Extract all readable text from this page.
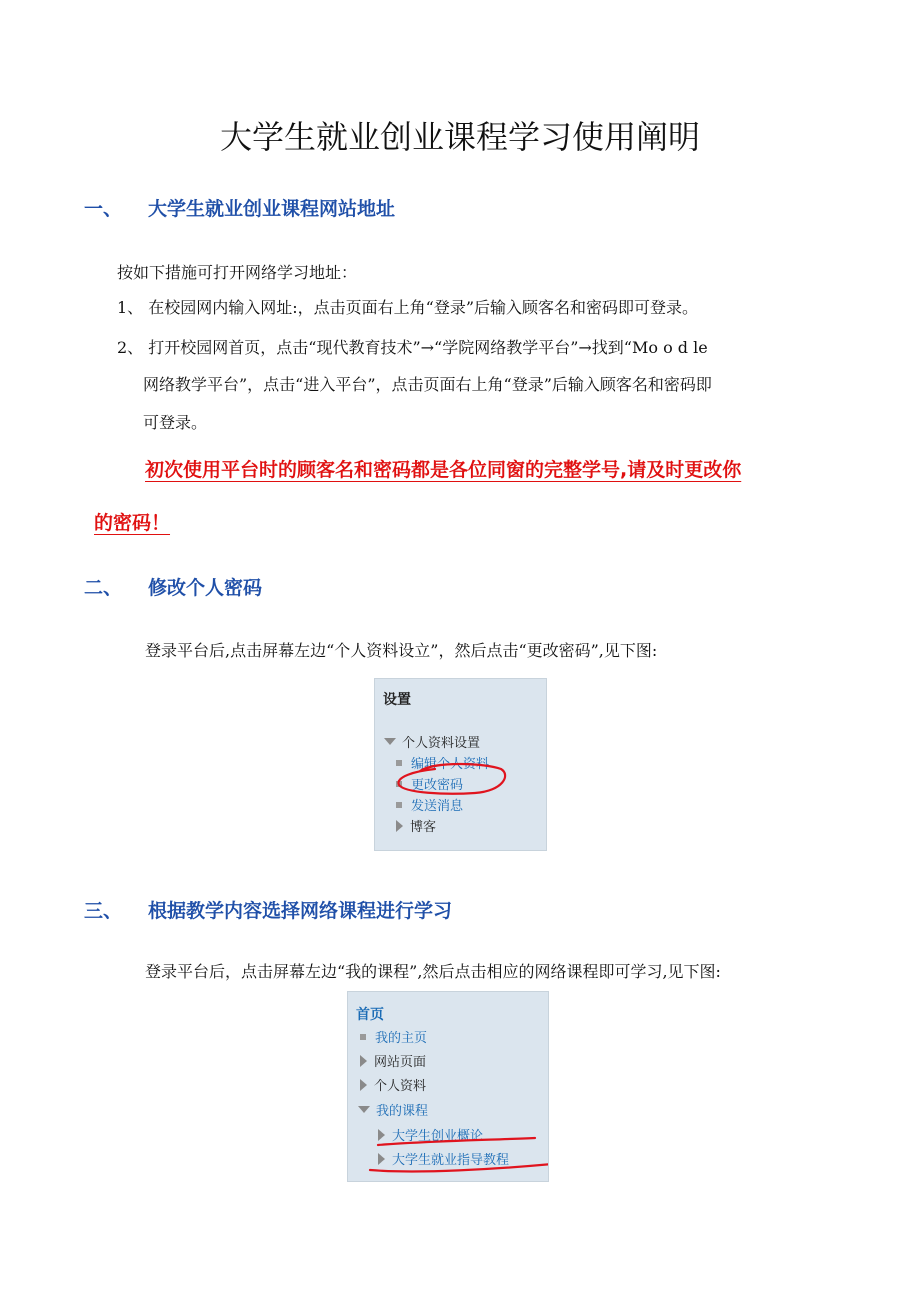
大学生就业创业课程学习使用阐明
一、 大学生就业创业课程网站地址
按如下措施可打开网络学习地址：
1、 在校园网内输入网址:，点击页面右上角“登录”后输入顾客名和密码即可登录。
2、 打开校园网首页，点击“现代教育技术”→“学院网络教学平台”→找到“Mo o d le
网络教学平台”，点击“进入平台”，点击页面右上角“登录”后输入顾客名和密码即
可登录。
初次使用平台时的顾客名和密码都是各位同窗的完整学号,请及时更改你
的密码！
二、 修改个人密码
登录平台后,点击屏幕左边“个人资料设立”，然后点击“更改密码”,见下图:
设置
个人资料设置
编辑个人资料
更改密码
发送消息
博客
三、 根据教学内容选择网络课程进行学习
登录平台后，点击屏幕左边“我的课程”,然后点击相应的网络课程即可学习,见下图:
首页
我的主页
网站页面
个人资料
我的课程
大学生创业概论
大学生就业指导教程
